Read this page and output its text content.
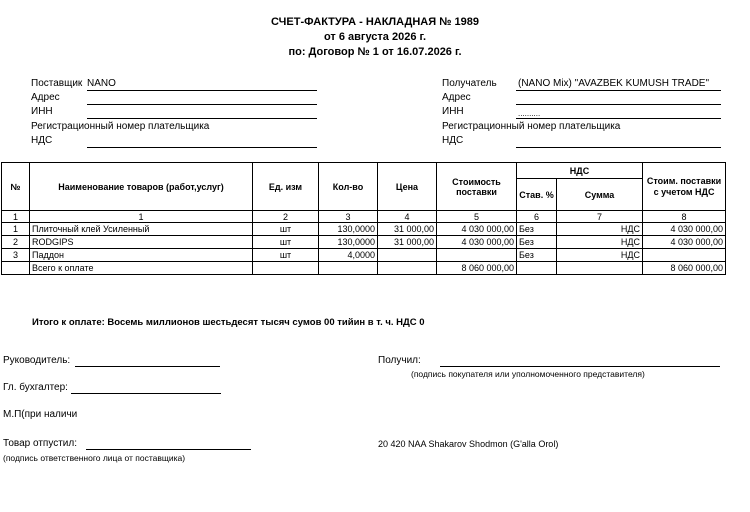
СЧЕТ-ФАКТУРА - НАКЛАДНАЯ № 1989
от 6 августа 2026 г.
по: Договор № 1 от 16.07.2026 г.
Поставщик NANO
Адрес
ИНН
Регистрационный номер плательщика
НДС
Получатель (NANO Mix) "AVAZBEK KUMUSH TRADE"
Адрес
ИНН	..........
Регистрационный номер плательщика
НДС
№	Наименование товаров (работ,услуг)	Ед. изм	Кол-во	Цена	Стоимость поставки	НДС		Стоим. поставки с учетом НДС
						Став. %	Сумма	
1	1	2	3	4	5	6	7	8
1	Плиточный клей Усиленный	шт	130,0000	31 000,00	4 030 000,00	Без	НДС	4 030 000,00
2	RODGIPS	шт	130,0000	31 000,00	4 030 000,00	Без	НДС	4 030 000,00
3	Паддон	шт	4,0000			Без	НДС	
	Всего к оплате				8 060 000,00			8 060 000,00
Итого к оплате: Восемь миллионов шестьдесят тысяч сумов 00 тийин в т. ч. НДС 0
Руководитель:
Гл. бухгалтер:
М.П(при наличи
Товар отпустил:
(подпись ответственного лица от поставщика)
Получил:
(подпись покупателя или уполномоченного представителя)
20 420 NAA Shakarov Shodmon (G'alla Orol)
